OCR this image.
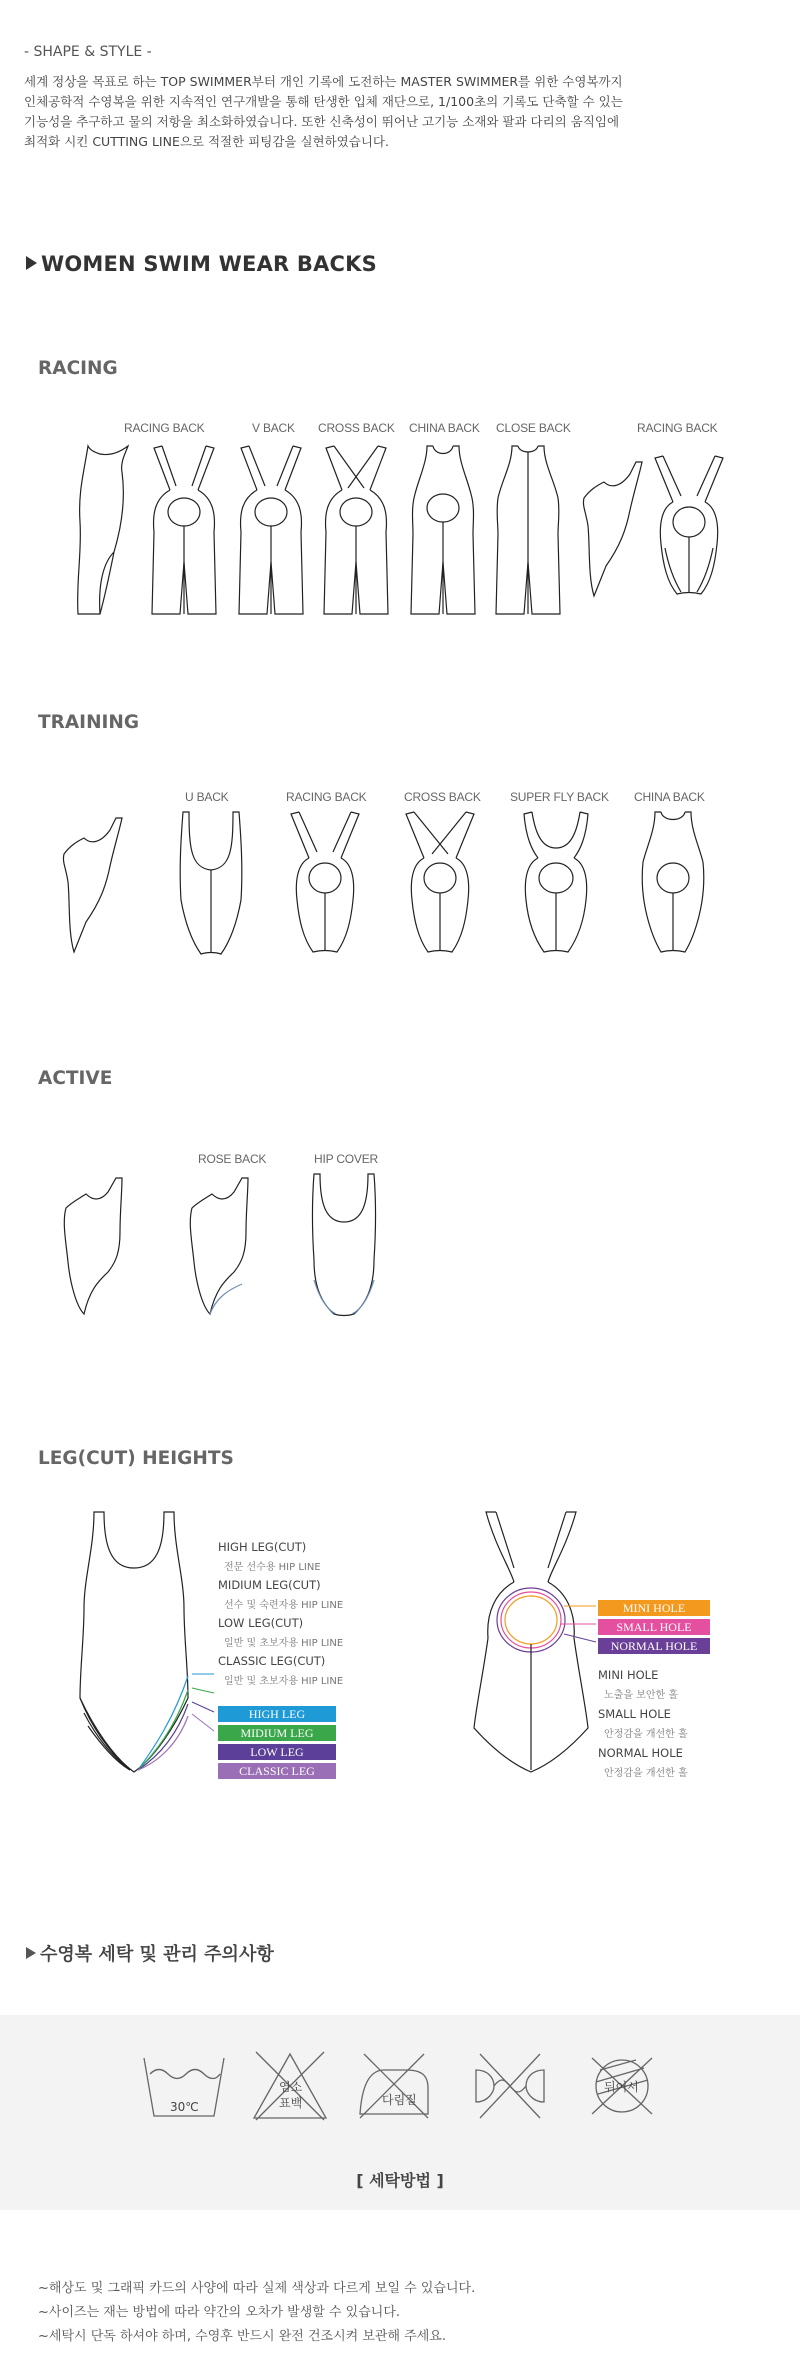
- SHAPE & STYLE -
세계 정상을 목표로 하는 TOP SWIMMER부터 개인 기록에 도전하는 MASTER SWIMMER를 위한 수영복까지
인체공학적 수영복을 위한 지속적인 연구개발을 통해 탄생한 입체 재단으로, 1/100초의 기록도 단축할 수 있는
기능성을 추구하고 물의 저항을 최소화하였습니다. 또한 신축성이 뛰어난 고기능 소재와 팔과 다리의 움직임에
최적화 시킨 CUTTING LINE으로 적절한 피팅감을 실현하였습니다.
WOMEN SWIM WEAR BACKS
RACING
RACING BACK	V BACK CROSS BACK CHINA BACK CLOSE BACK	RACING BACK
TRAINING
U BACK	RACING BACK	CROSS BACK SUPER FLY BACK CHINA BACK
ACTIVE
ROSE BACK	HIP COVER
LEG(CUT) HEIGHTS
HIGH LEG(CUT)
전문 선수용 HIP LINE
MIDIUM LEG(CUT)
선수 및 숙련자용 HIP LINE
LOW LEG(CUT)
일반 및 초보자용 HIP LINE
CLASSIC LEG(CUT)
일반 및 초보자용 HIP LINE
HIGH LEG
MIDIUM LEG
LOW LEG
CLASSIC LEG
MINI HOLE
SMALL HOLE
NORMAL HOLE
MINI HOLE
노출을 보안한 홀
SMALL HOLE
안정감을 개선한 홀
NORMAL HOLE
안정감을 개선한 홀
수영복 세탁 및 관리 주의사항
30℃
염소
표백	다림질
뒤어서
[ 세탁방법 ]
~해상도 및 그래픽 카드의 사양에 따라 실제 색상과 다르게 보일 수 있습니다.
~사이즈는 재는 방법에 따라 약간의 오차가 발생할 수 있습니다.
~세탁시 단독 하셔야 하며, 수영후 반드시 완전 건조시켜 보관해 주세요.
